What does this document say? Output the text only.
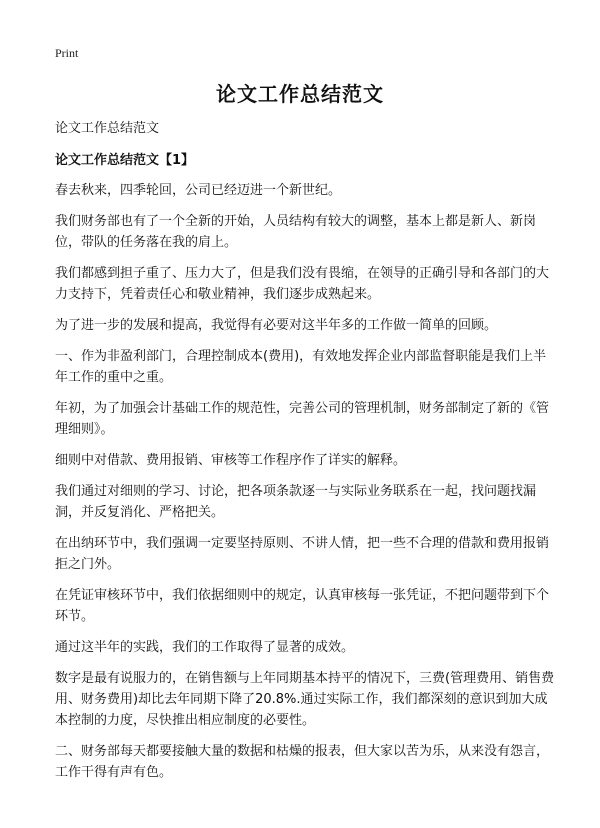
Print
论文工作总结范文

论文工作总结范文

论文工作总结范文【1】

春去秋来，四季轮回，公司已经迈进一个新世纪。

我们财务部也有了一个全新的开始，人员结构有较大的调整，基本上都是新人、新岗位，带队的任务落在我的肩上。

我们都感到担子重了、压力大了，但是我们没有畏缩，在领导的正确引导和各部门的大力支持下，凭着责任心和敬业精神，我们逐步成熟起来。

为了进一步的发展和提高，我觉得有必要对这半年多的工作做一简单的回顾。

一、作为非盈利部门，合理控制成本(费用)，有效地发挥企业内部监督职能是我们上半年工作的重中之重。

年初，为了加强会计基础工作的规范性，完善公司的管理机制，财务部制定了新的《管理细则》。

细则中对借款、费用报销、审核等工作程序作了详实的解释。

我们通过对细则的学习、讨论，把各项条款逐一与实际业务联系在一起，找问题找漏洞，并反复消化、严格把关。

在出纳环节中，我们强调一定要坚持原则、不讲人情，把一些不合理的借款和费用报销拒之门外。

在凭证审核环节中，我们依据细则中的规定，认真审核每一张凭证，不把问题带到下个环节。

通过这半年的实践，我们的工作取得了显著的成效。

数字是最有说服力的，在销售额与上年同期基本持平的情况下，三费(管理费用、销售费用、财务费用)却比去年同期下降了20.8%.通过实际工作，我们都深刻的意识到加大成本控制的力度，尽快推出相应制度的必要性。

二、财务部每天都要接触大量的数据和枯燥的报表，但大家以苦为乐，从来没有怨言，工作干得有声有色。
